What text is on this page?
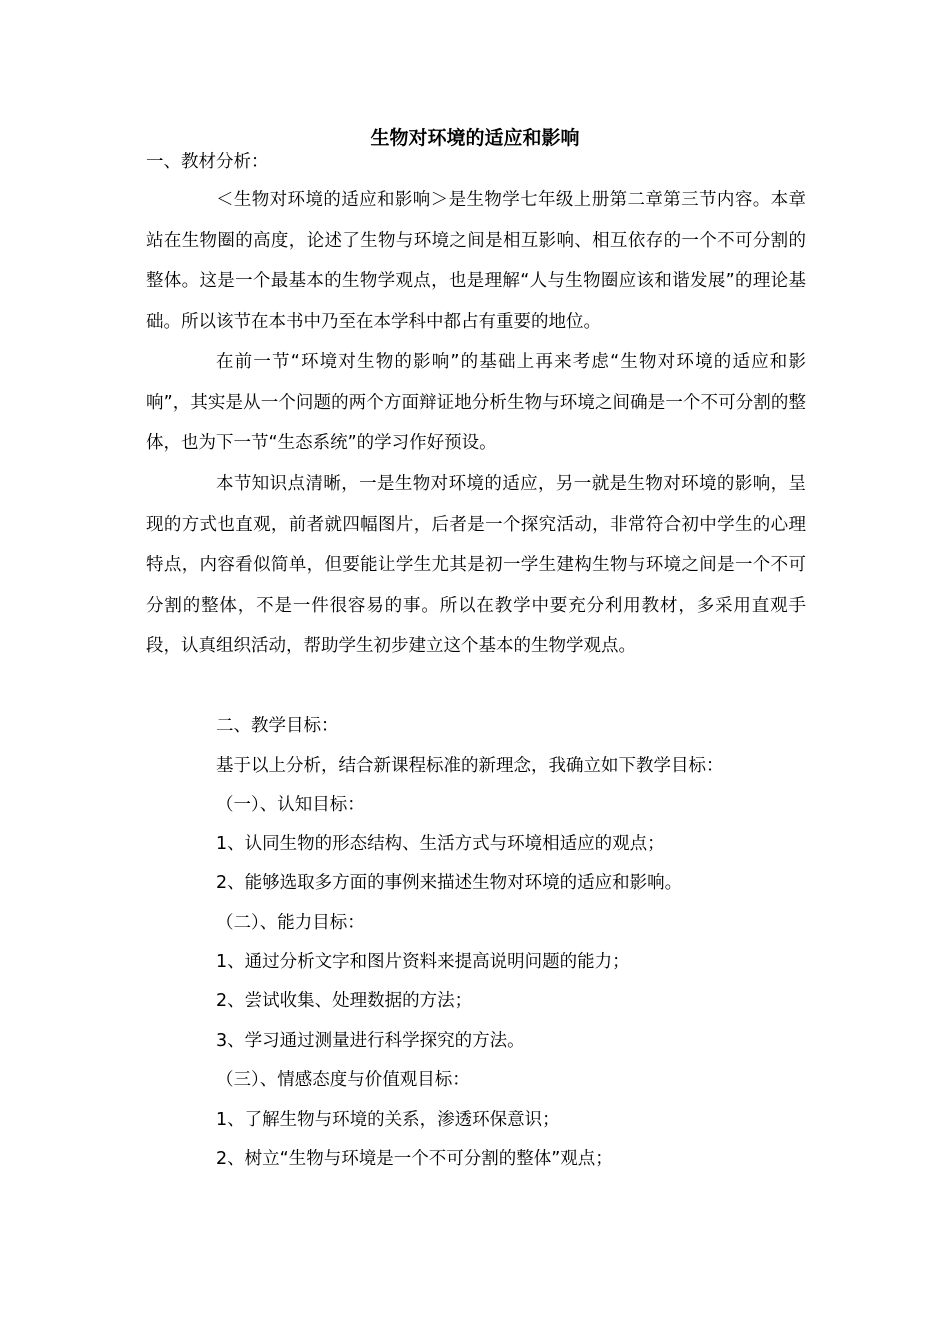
生物对环境的适应和影响
一、教材分析：

＜生物对环境的适应和影响＞是生物学七年级上册第二章第三节内容。本章站在生物圈的高度，论述了生物与环境之间是相互影响、相互依存的一个不可分割的整体。这是一个最基本的生物学观点，也是理解“人与生物圈应该和谐发展”的理论基础。所以该节在本书中乃至在本学科中都占有重要的地位。

在前一节“环境对生物的影响”的基础上再来考虑“生物对环境的适应和影响”，其实是从一个问题的两个方面辩证地分析生物与环境之间确是一个不可分割的整体，也为下一节“生态系统”的学习作好预设。

本节知识点清晰，一是生物对环境的适应，另一就是生物对环境的影响，呈现的方式也直观，前者就四幅图片，后者是一个探究活动，非常符合初中学生的心理特点，内容看似简单，但要能让学生尤其是初一学生建构生物与环境之间是一个不可分割的整体，不是一件很容易的事。所以在教学中要充分利用教材，多采用直观手段，认真组织活动，帮助学生初步建立这个基本的生物学观点。

二、教学目标：
基于以上分析，结合新课程标准的新理念，我确立如下教学目标：
（一）、认知目标：
1、认同生物的形态结构、生活方式与环境相适应的观点；
2、能够选取多方面的事例来描述生物对环境的适应和影响。
（二）、能力目标：
1、通过分析文字和图片资料来提高说明问题的能力；
2、尝试收集、处理数据的方法；
3、学习通过测量进行科学探究的方法。
（三）、情感态度与价值观目标：
1、了解生物与环境的关系，渗透环保意识；
2、树立“生物与环境是一个不可分割的整体”观点；
